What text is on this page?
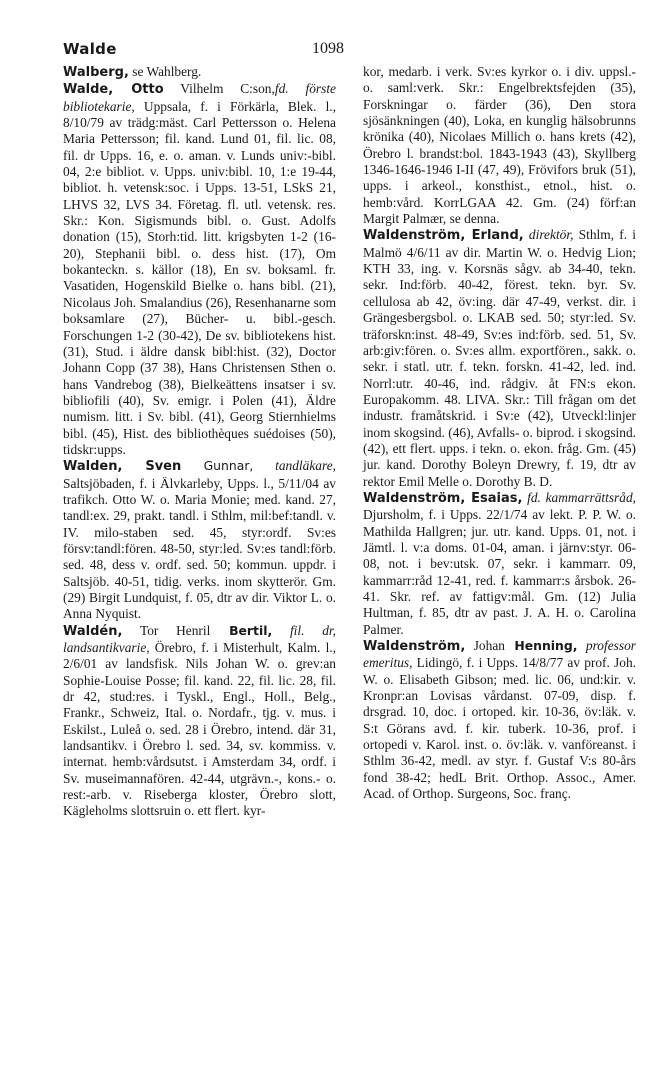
Walde	1098

Walberg, se Wahlberg.

Walde, Otto Vilhelm C:son,fd. förste bibliotekarie, Uppsala, f. i Förkärla, Blek. l., 8/10/79 av trädg:mäst. Carl Pettersson o. Helena Maria Pettersson; fil. kand. Lund 01, fil. lic. 08, fil. dr Upps. 16, e. o. aman. v. Lunds univ:-bibl. 04, 2:e bibliot. v. Upps. univ:bibl. 10, 1:e 19-44, bibliot. h. vetensk:soc. i Upps. 13-51, LSkS 21, LHVS 32, LVS 34. Företag. fl. utl. vetensk. res. Skr.: Kon. Sigismunds bibl. o. Gust. Adolfs donation (15), Storh:tid. litt. krigsbyten 1-2 (16-20), Stephanii bibl. o. dess hist. (17), Om bokanteckn. s. källor (18), En sv. boksaml. fr. Vasatiden, Hogenskild Bielke o. hans bibl. (21), Nicolaus Joh. Smalandius (26), Resenhanarne som boksamlare (27), Bücher- u. bibl.-gesch. Forschungen 1-2 (30-42), De sv. bibliotekens hist. (31), Stud. i äldre dansk bibl:hist. (32), Doctor Johann Copp (37 38), Hans Christensen Sthen o. hans Vandrebog (38), Bielkeättens insatser i sv. bibliofili (40), Sv. emigr. i Polen (41), Äldre numism. litt. i Sv. bibl. (41), Georg Stiernhielms bibl. (45), Hist. des bibliothèques suédoises (50), tidskr:upps.

Walden, Sven Gunnar, tandläkare, Saltsjöbaden, f. i Älvkarleby, Upps. l., 5/11/04 av trafikch. Otto W. o. Maria Monie; med. kand. 27, tandl:ex. 29, prakt. tandl. i Sthlm, mil:bef:tandl. v. IV. milo-staben sed. 45, styr:ordf. Sv:es försv:tandl:fören. 48-50, styr:led. Sv:es tandl:förb. sed. 48, dess v. ordf. sed. 50; kommun. uppdr. i Saltsjöb. 40-51, tidig. verks. inom skytterör. Gm. (29) Birgit Lundquist, f. 05, dtr av dir. Viktor L. o. Anna Nyquist.

Waldén, Tor Henril Bertil, fil. dr, landsantikvarie, Örebro, f. i Misterhult, Kalm. l., 2/6/01 av landsfisk. Nils Johan W. o. grev:an Sophie-Louise Posse; fil. kand. 22, fil. lic. 28, fil. dr 42, stud:res. i Tyskl., Engl., Holl., Belg., Frankr., Schweiz, Ital. o. Nordafr., tjg. v. mus. i Eskilst., Luleå o. sed. 28 i Örebro, intend. där 31, landsantikv. i Örebro l. sed. 34, sv. kommiss. v. internat. hemb:vårdsutst. i Amsterdam 34, ordf. i Sv. museimannafören. 42-44, utgrävn.-, kons.- o. rest:-arb. v. Riseberga kloster, Örebro slott, Kägleholms slottsruin o. ett flert. kyr-

kor, medarb. i verk. Sv:es kyrkor o. i div. uppsl.- o. saml:verk. Skr.: Engelbrektsfejden (35), Forskningar o. färder (36), Den stora sjösänkningen (40), Loka, en kunglig hälsobrunns krönika (40), Nicolaes Millich o. hans krets (42), Örebro l. brandst:bol. 1843-1943 (43), Skyllberg 1346-1646-1946 I-II (47, 49), Frövifors bruk (51), upps. i arkeol., konsthist., etnol., hist. o. hemb:vård. KorrLGAA 42. Gm. (24) förf:an Margit Palmær, se denna.

Waldenström, Erland, direktör, Sthlm, f. i Malmö 4/6/11 av dir. Martin W. o. Hedvig Lion; KTH 33, ing. v. Korsnäs sågv. ab 34-40, tekn. sekr. Ind:förb. 40-42, förest. tekn. byr. Sv. cellulosa ab 42, öv:ing. där 47-49, verkst. dir. i Grängesbergsbol. o. LKAB sed. 50; styr:led. Sv. träforskn:inst. 48-49, Sv:es ind:förb. sed. 51, Sv. arb:giv:fören. o. Sv:es allm. exportfören., sakk. o. sekr. i statl. utr. f. tekn. forskn. 41-42, led. ind. Norrl:utr. 40-46, ind. rådgiv. åt FN:s ekon. Europakomm. 48. LIVA. Skr.: Till frågan om det industr. framåtskrid. i Sv:e (42), Utveckl:linjer inom skogsind. (46), Avfalls- o. biprod. i skogsind. (42), ett flert. upps. i tekn. o. ekon. fråg. Gm. (45) jur. kand. Dorothy Boleyn Drewry, f. 19, dtr av rektor Emil Melle o. Dorothy B. D.

Waldenström, Esaias, fd. kammarrättsråd, Djursholm, f. i Upps. 22/1/74 av lekt. P. P. W. o. Mathilda Hallgren; jur. utr. kand. Upps. 01, not. i Jämtl. l. v:a doms. 01-04, aman. i järnv:styr. 06-08, not. i bev:utsk. 07, sekr. i kammarr. 09, kammarr:råd 12-41, red. f. kammarr:s årsbok. 26-41. Skr. ref. av fattigv:mål. Gm. (12) Julia Hultman, f. 85, dtr av past. J. A. H. o. Carolina Palmer.

Waldenström, Johan Henning, professor emeritus, Lidingö, f. i Upps. 14/8/77 av prof. Joh. W. o. Elisabeth Gibson; med. lic. 06, und:kir. v. Kronpr:an Lovisas vårdanst. 07-09, disp. f. drsgrad. 10, doc. i ortoped. kir. 10-36, öv:läk. v. S:t Görans avd. f. kir. tuberk. 10-36, prof. i ortopedi v. Karol. inst. o. öv:läk. v. vanföreanst. i Sthlm 36-42, medl. av styr. f. Gustaf V:s 80-års fond 38-42; hedL Brit. Orthop. Assoc., Amer. Acad. of Orthop. Surgeons, Soc. franç.
